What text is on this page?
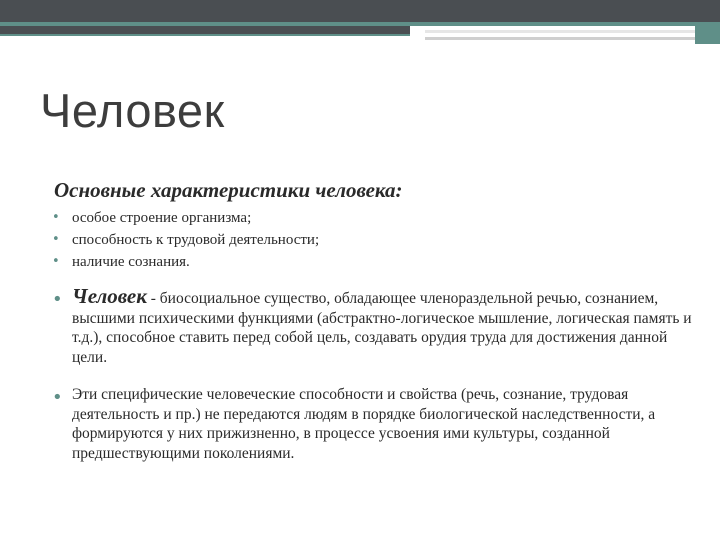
Человек
Основные характеристики человека:
• особое строение организма;
• способность к трудовой деятельности;
• наличие сознания.
• Человек - биосоциальное существо, обладающее членораздельной речью, сознанием, высшими психическими функциями (абстрактно-логическое мышление, логическая память и т.д.), способное ставить перед собой цель, создавать орудия труда для достижения данной цели.
• Эти специфические человеческие способности и свойства (речь, сознание, трудовая деятельность и пр.) не передаются людям в порядке биологической наследственности, а формируются у них прижизненно, в процессе усвоения ими культуры, созданной предшествующими поколениями.
